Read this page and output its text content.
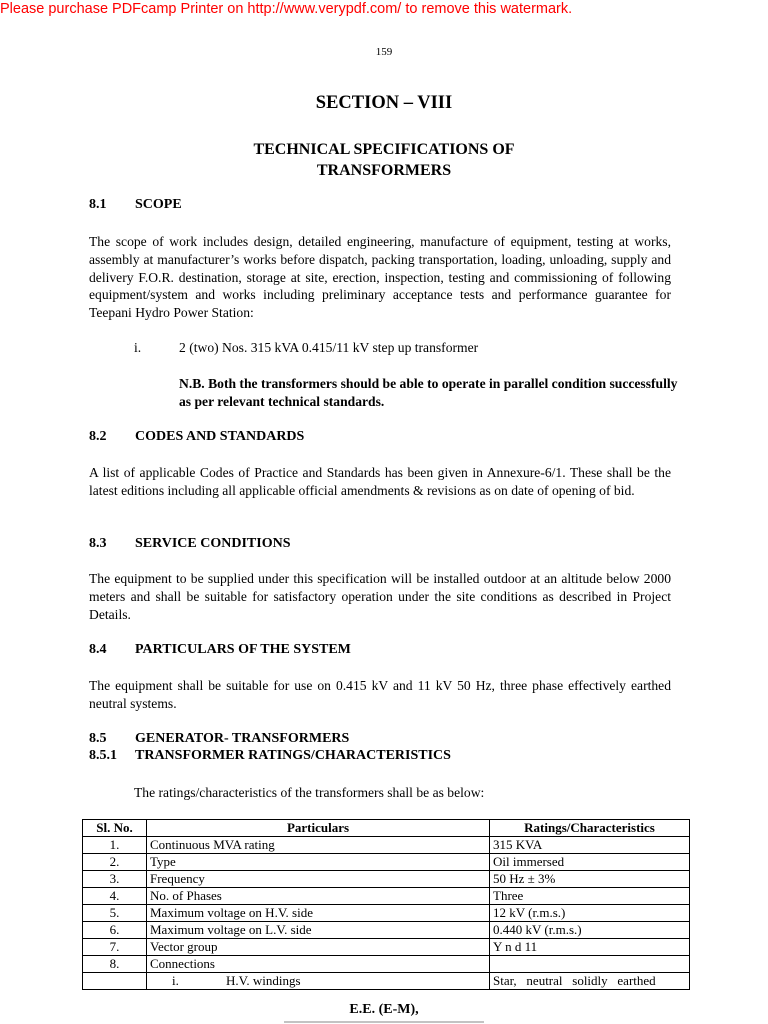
Please purchase PDFcamp Printer on http://www.verypdf.com/ to remove this watermark.
159
SECTION – VIII
TECHNICAL SPECIFICATIONS OF
TRANSFORMERS
8.1 SCOPE
The scope of work includes design, detailed engineering, manufacture of equipment, testing at works, assembly at manufacturer’s works before dispatch, packing transportation, loading, unloading, supply and delivery F.O.R. destination, storage at site, erection, inspection, testing and commissioning of following equipment/system and works including preliminary acceptance tests and performance guarantee for Teepani Hydro Power Station:
i.	2 (two) Nos. 315 kVA 0.415/11 kV step up transformer
N.B. Both the transformers should be able to operate in parallel condition successfully as per relevant technical standards.
8.2 CODES AND STANDARDS
A list of applicable Codes of Practice and Standards has been given in Annexure-6/1. These shall be the latest editions including all applicable official amendments & revisions as on date of opening of bid.
8.3 SERVICE CONDITIONS
The equipment to be supplied under this specification will be installed outdoor at an altitude below 2000 meters and shall be suitable for satisfactory operation under the site conditions as described in Project Details.
8.4 PARTICULARS OF THE SYSTEM
The equipment shall be suitable for use on 0.415 kV and 11 kV 50 Hz, three phase effectively earthed neutral systems.
8.5 GENERATOR- TRANSFORMERS
8.5.1 TRANSFORMER RATINGS/CHARACTERISTICS
The ratings/characteristics of the transformers shall be as below:
Sl. No.	Particulars	Ratings/Characteristics
1.	Continuous MVA rating	315 KVA
2.	Type	Oil immersed
3.	Frequency	50 Hz ± 3%
4.	No. of Phases	Three
5.	Maximum voltage on H.V. side	12 kV (r.m.s.)
6.	Maximum voltage on L.V. side	0.440 kV (r.m.s.)
7.	Vector group	Y n d 11
8.	Connections	
	i. H.V. windings	Star,   neutral   solidly   earthed
E.E. (E-M),
